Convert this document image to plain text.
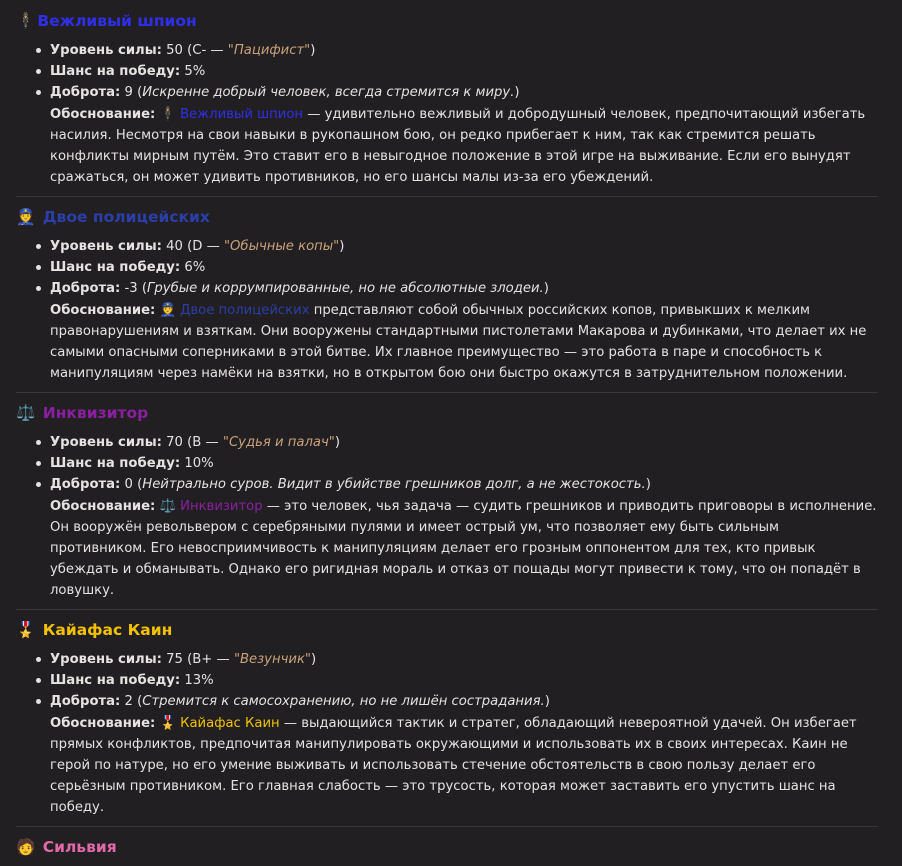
🕴 Вежливый шпион
Уровень силы: 50 (C- — "Пацифист")
Шанс на победу: 5%
Доброта: 9 (Искренне добрый человек, всегда стремится к миру.)
Обоснование: 🕴 Вежливый шпион — удивительно вежливый и добродушный человек, предпочитающий избегать насилия. Несмотря на свои навыки в рукопашном бою, он редко прибегает к ним, так как стремится решать конфликты мирным путём. Это ставит его в невыгодное положение в этой игре на выживание. Если его вынудят сражаться, он может удивить противников, но его шансы малы из-за его убеждений.
👮 Двое полицейских
Уровень силы: 40 (D — "Обычные копы")
Шанс на победу: 6%
Доброта: -3 (Грубые и коррумпированные, но не абсолютные злодеи.)
Обоснование: 👮 Двое полицейских представляют собой обычных российских копов, привыкших к мелким правонарушениям и взяткам. Они вооружены стандартными пистолетами Макарова и дубинками, что делает их не самыми опасными соперниками в этой битве. Их главное преимущество — это работа в паре и способность к манипуляциям через намёки на взятки, но в открытом бою они быстро окажутся в затруднительном положении.
⚖️ Инквизитор
Уровень силы: 70 (B — "Судья и палач")
Шанс на победу: 10%
Доброта: 0 (Нейтрально суров. Видит в убийстве грешников долг, а не жестокость.)
Обоснование: ⚖️ Инквизитор — это человек, чья задача — судить грешников и приводить приговоры в исполнение. Он вооружён револьвером с серебряными пулями и имеет острый ум, что позволяет ему быть сильным противником. Его невосприимчивость к манипуляциям делает его грозным оппонентом для тех, кто привык убеждать и обманывать. Однако его ригидная мораль и отказ от пощады могут привести к тому, что он попадёт в ловушку.
🎖️ Кайафас Каин
Уровень силы: 75 (B+ — "Везунчик")
Шанс на победу: 13%
Доброта: 2 (Стремится к самосохранению, но не лишён сострадания.)
Обоснование: 🎖️ Кайафас Каин — выдающийся тактик и стратег, обладающий невероятной удачей. Он избегает прямых конфликтов, предпочитая манипулировать окружающими и использовать их в своих интересах. Каин не герой по натуре, но его умение выживать и использовать стечение обстоятельств в свою пользу делает его серьёзным противником. Его главная слабость — это трусость, которая может заставить его упустить шанс на победу.
🧑 Сильвия
